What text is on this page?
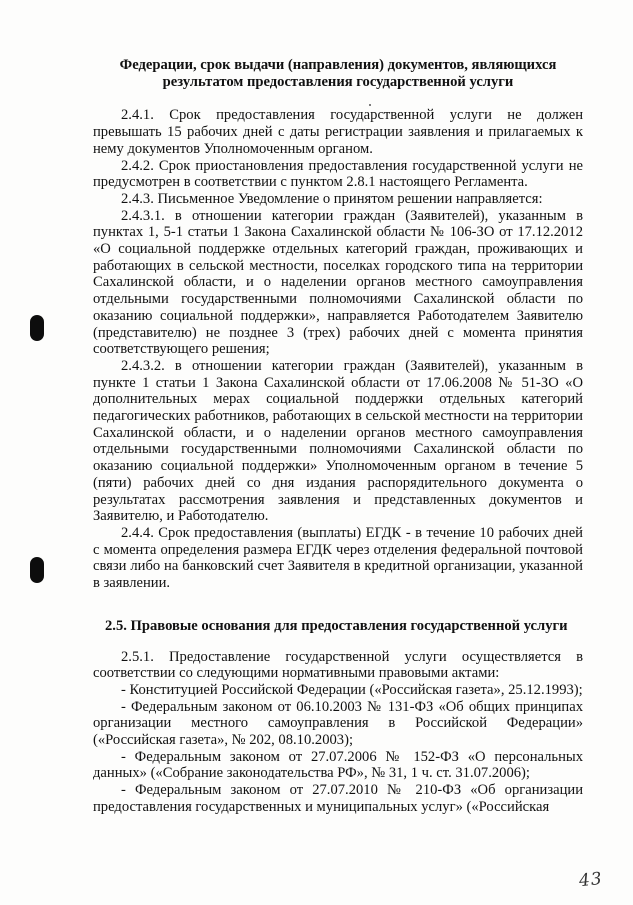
Федерации, срок выдачи (направления) документов, являющихся

результатом предоставления государственной услуги

2.4.1. Срок предоставления государственной услуги не должен превышать 15 рабочих дней с даты регистрации заявления и прилагаемых к нему документов Уполномоченным органом.

2.4.2. Срок приостановления предоставления государственной услуги не предусмотрен в соответствии с пунктом 2.8.1 настоящего Регламента.

2.4.3. Письменное Уведомление о принятом решении направляется:

2.4.3.1. в отношении категории граждан (Заявителей), указанным в пунктах 1, 5-1 статьи 1 Закона Сахалинской области № 106-ЗО от 17.12.2012 «О социальной поддержке отдельных категорий граждан, проживающих и работающих в сельской местности, поселках городского типа на территории Сахалинской области, и о наделении органов местного самоуправления отдельными государственными полномочиями Сахалинской области по оказанию социальной поддержки», направляется Работодателем Заявителю (представителю) не позднее 3 (трех) рабочих дней с момента принятия соответствующего решения;

2.4.3.2. в отношении категории граждан (Заявителей), указанным в пункте 1 статьи 1 Закона Сахалинской области от 17.06.2008 № 51-ЗО «О дополнительных мерах социальной поддержки отдельных категорий педагогических работников, работающих в сельской местности на территории Сахалинской области, и о наделении органов местного самоуправления отдельными государственными полномочиями Сахалинской области по оказанию социальной поддержки» Уполномоченным органом в течение 5 (пяти) рабочих дней со дня издания распорядительного документа о результатах рассмотрения заявления и представленных документов и Заявителю, и Работодателю.

2.4.4. Срок предоставления (выплаты) ЕГДК - в течение 10 рабочих дней с момента определения размера ЕГДК через отделения федеральной почтовой связи либо на банковский счет Заявителя в кредитной организации, указанной в заявлении.

2.5. Правовые основания для предоставления государственной услуги

2.5.1. Предоставление государственной услуги осуществляется в соответствии со следующими нормативными правовыми актами:

- Конституцией Российской Федерации («Российская газета», 25.12.1993);

- Федеральным законом от 06.10.2003 № 131-ФЗ «Об общих принципах организации местного самоуправления в Российской Федерации» («Российская газета», № 202, 08.10.2003);

- Федеральным законом от 27.07.2006 № 152-ФЗ «О персональных данных» («Собрание законодательства РФ», № 31, 1 ч. ст. 31.07.2006);

- Федеральным законом от 27.07.2010 № 210-ФЗ «Об организации предоставления государственных и муниципальных услуг» («Российская

43
